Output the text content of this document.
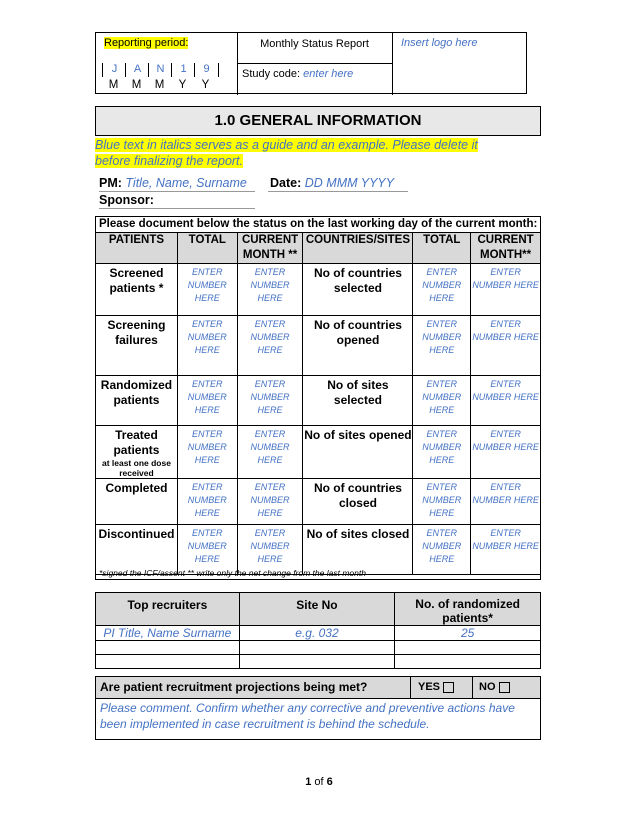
Reporting period:
J	A	N	1	9
M	M	M	Y	Y
Monthly Status Report
Study code: enter here
Insert logo here
1.0 GENERAL INFORMATION
Blue text in italics serves as a guide and an example. Please delete it before finalizing the report.
PM: Title, Name, Surname Date: DD MMM YYYY
Sponsor:
Please document below the status on the last working day of the current month:
PATIENTS	TOTAL	CURRENT MONTH **	COUNTRIES/SITES	TOTAL	CURRENT MONTH**
Screened patients *	ENTER NUMBER HERE	ENTER NUMBER HERE	No of countries selected	ENTER NUMBER HERE	ENTER NUMBER HERE
Screening failures	ENTER NUMBER HERE	ENTER NUMBER HERE	No of countries opened	ENTER NUMBER HERE	ENTER NUMBER HERE
Randomized patients	ENTER NUMBER HERE	ENTER NUMBER HERE	No of sites selected	ENTER NUMBER HERE	ENTER NUMBER HERE
Treated patients
at least one dose received	ENTER NUMBER HERE	ENTER NUMBER HERE	No of sites opened	ENTER NUMBER HERE	ENTER NUMBER HERE
Completed	ENTER NUMBER HERE	ENTER NUMBER HERE	No of countries closed	ENTER NUMBER HERE	ENTER NUMBER HERE
Discontinued	ENTER NUMBER HERE	ENTER NUMBER HERE	No of sites closed	ENTER NUMBER HERE	ENTER NUMBER HERE
*signed the ICF/assent ** write only the net change from the last month
Top recruiters	Site No	No. of randomized patients*
PI Title, Name Surname	e.g. 032	25

Are patient recruitment projections being met?	YES	NO
Please comment. Confirm whether any corrective and preventive actions have been implemented in case recruitment is behind the schedule.
1 of 6
